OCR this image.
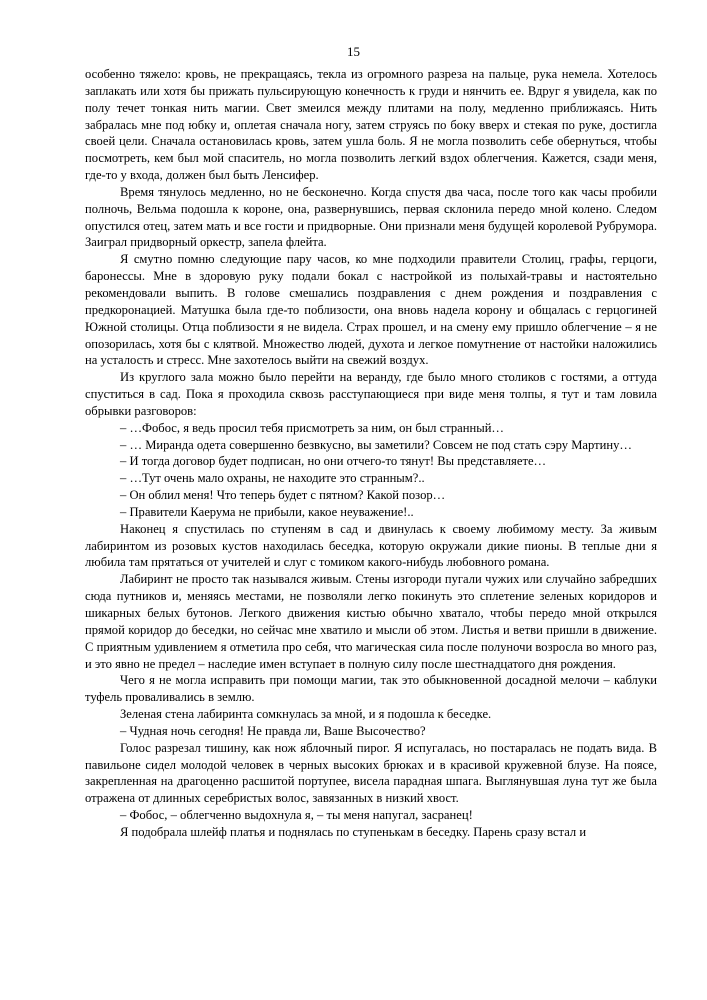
15

особенно тяжело: кровь, не прекращаясь, текла из огромного разреза на пальце, рука немела. Хотелось заплакать или хотя бы прижать пульсирующую конечность к груди и нянчить ее. Вдруг я увидела, как по полу течет тонкая нить магии. Свет змеился между плитами на полу, медленно приближаясь. Нить забралась мне под юбку и, оплетая сначала ногу, затем струясь по боку вверх и стекая по руке, достигла своей цели. Сначала остановилась кровь, затем ушла боль. Я не могла позволить себе обернуться, чтобы посмотреть, кем был мой спаситель, но могла позволить легкий вздох облегчения. Кажется, сзади меня, где-то у входа, должен был быть Ленсифер.

Время тянулось медленно, но не бесконечно. Когда спустя два часа, после того как часы пробили полночь, Вельма подошла к короне, она, развернувшись, первая склонила передо мной колено. Следом опустился отец, затем мать и все гости и придворные. Они признали меня будущей королевой Рубрумора. Заиграл придворный оркестр, запела флейта.

Я смутно помню следующие пару часов, ко мне подходили правители Столиц, графы, герцоги, баронессы. Мне в здоровую руку подали бокал с настройкой из полыхай-травы и настоятельно рекомендовали выпить. В голове смешались поздравления с днем рождения и поздравления с предкоронацией. Матушка была где-то поблизости, она вновь надела корону и общалась с герцогиней Южной столицы. Отца поблизости я не видела. Страх прошел, и на смену ему пришло облегчение – я не опозорилась, хотя бы с клятвой. Множество людей, духота и легкое помутнение от настойки наложились на усталость и стресс. Мне захотелось выйти на свежий воздух.

Из круглого зала можно было перейти на веранду, где было много столиков с гостями, а оттуда спуститься в сад. Пока я проходила сквозь расступающиеся при виде меня толпы, я тут и там ловила обрывки разговоров:

– …Фобос, я ведь просил тебя присмотреть за ним, он был странный…

– … Миранда одета совершенно безвкусно, вы заметили? Совсем не под стать сэру Мартину…

– И тогда договор будет подписан, но они отчего-то тянут! Вы представляете…

– …Тут очень мало охраны, не находите это странным?..

– Он облил меня! Что теперь будет с пятном? Какой позор…

– Правители Каерума не прибыли, какое неуважение!..

Наконец я спустилась по ступеням в сад и двинулась к своему любимому месту. За живым лабиринтом из розовых кустов находилась беседка, которую окружали дикие пионы. В теплые дни я любила там прятаться от учителей и слуг с томиком какого-нибудь любовного романа.

Лабиринт не просто так назывался живым. Стены изгороди пугали чужих или случайно забредших сюда путников и, меняясь местами, не позволяли легко покинуть это сплетение зеленых коридоров и шикарных белых бутонов. Легкого движения кистью обычно хватало, чтобы передо мной открылся прямой коридор до беседки, но сейчас мне хватило и мысли об этом. Листья и ветви пришли в движение. С приятным удивлением я отметила про себя, что магическая сила после полуночи возросла во много раз, и это явно не предел – наследие имен вступает в полную силу после шестнадцатого дня рождения.

Чего я не могла исправить при помощи магии, так это обыкновенной досадной мелочи – каблуки туфель проваливались в землю.

Зеленая стена лабиринта сомкнулась за мной, и я подошла к беседке.

– Чудная ночь сегодня! Не правда ли, Ваше Высочество?

Голос разрезал тишину, как нож яблочный пирог. Я испугалась, но постаралась не подать вида. В павильоне сидел молодой человек в черных высоких брюках и в красивой кружевной блузе. На поясе, закрепленная на драгоценно расшитой портупее, висела парадная шпага. Выглянувшая луна тут же была отражена от длинных серебристых волос, завязанных в низкий хвост.

– Фобос, – облегченно выдохнула я, – ты меня напугал, засранец!

Я подобрала шлейф платья и поднялась по ступенькам в беседку. Парень сразу встал и
